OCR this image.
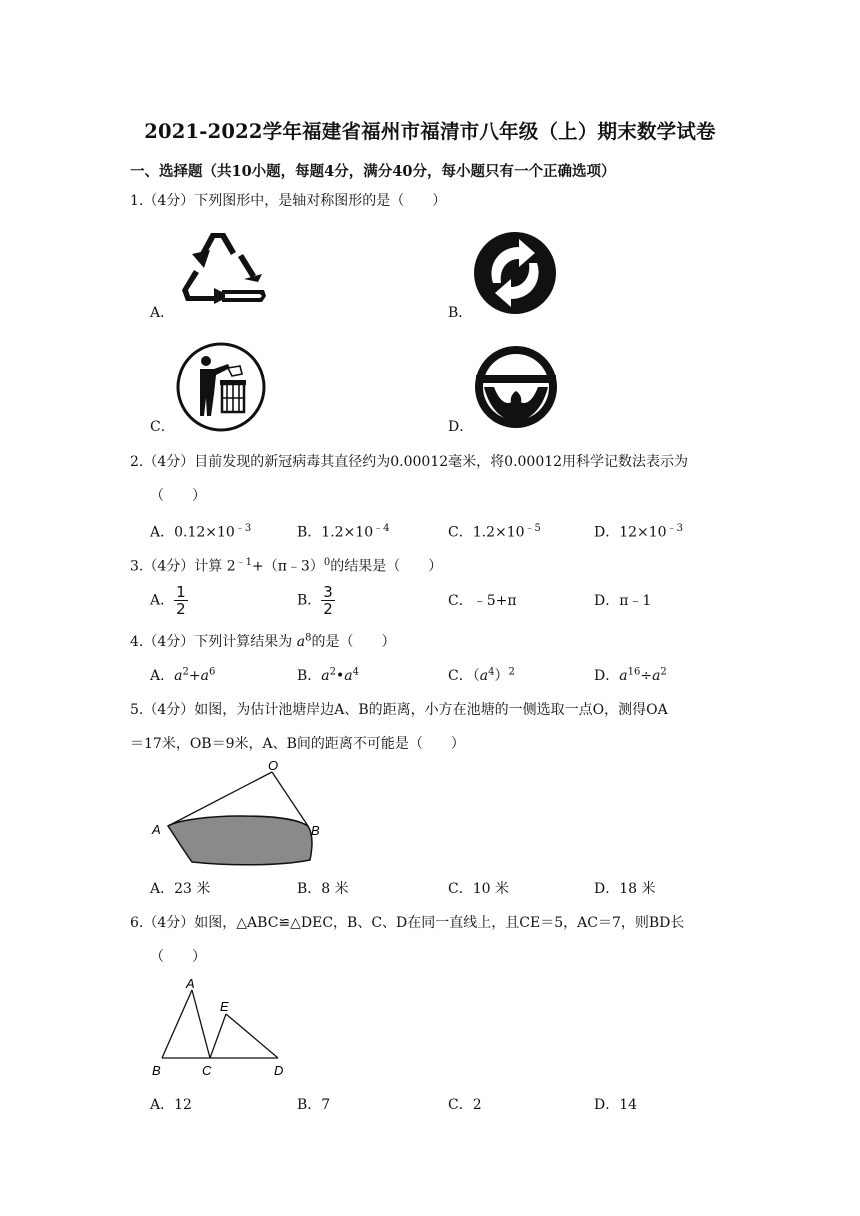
2021-2022学年福建省福州市福清市八年级（上）期末数学试卷
一、选择题（共10小题，每题4分，满分40分，每小题只有一个正确选项）
1.（4分）下列图形中，是轴对称图形的是（　　）
A．	B．
C．	D．
2.（4分）目前发现的新冠病毒其直径约为0.00012毫米，将0.00012用科学记数法表示为
（　　）
A．$0.12\times 10^{﹣3}$	B．$1.2\times 10^{﹣4}$	C．$1.2\times 10^{﹣5}$	D．$12\times 10^{﹣3}$
3.（4分）计算 $2^{﹣1}+(\pi﹣3)^0$的结果是（　　）
A． $\frac{1}{2}$	B． $\frac{3}{2}$	C．﹣5+π	D．π﹣1
4.（4分）下列计算结果为 $a^8$的是（　　）
A．$a^2+a^6$	B．$a^2•a^4$	C．$(a^4)^2$	D．$a^{16}\div a^2$
5.（4分）如图，为估计池塘岸边A、B的距离，小方在池塘的一侧选取一点O，测得OA
＝17米，OB＝9米，A、B间的距离不可能是（　　）
O
A	B
A．23 米	B．8 米	C．10 米	D．18 米
6.（4分）如图，△ABC≌△DEC，B、C、D在同一直线上，且CE＝5，AC＝7，则BD长
（　　）
A
E
B	C	D
A．12	B．7	C．2	D．14
